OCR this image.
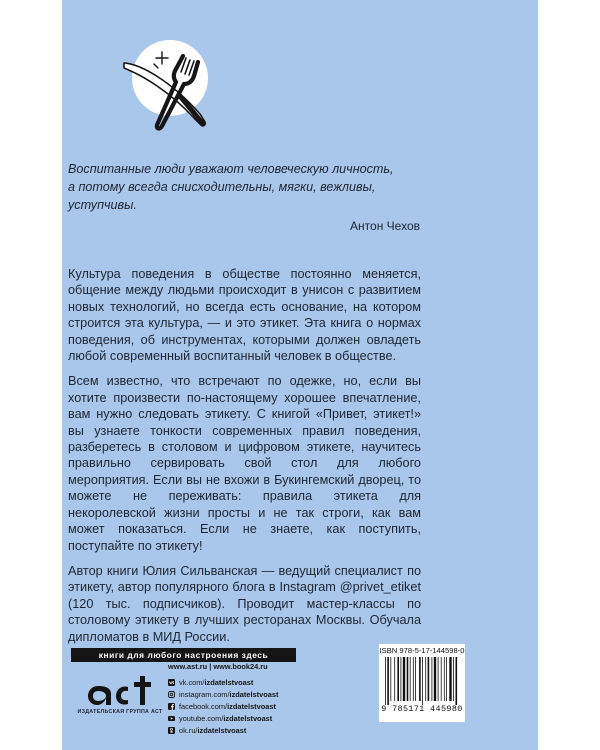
Воспитанные люди уважают человеческую личность,
а потому всегда снисходительны, мягки, вежливы,
уступчивы.
Антон Чехов

Культура поведения в обществе постоянно меняется, общение между людьми происходит в унисон с развитием новых технологий, но всегда есть основание, на котором строится эта культура, — и это этикет. Эта книга о нормах поведения, об инструментах, которыми должен овладеть любой современный воспитанный человек в обществе.

Всем известно, что встречают по одежке, но, если вы хотите произвести по-настоящему хорошее впечатление, вам нужно следовать этикету. С книгой «Привет, этикет!» вы узнаете тонкости современных правил поведения, разберетесь в столовом и цифровом этикете, научитесь правильно сервировать свой стол для любого мероприятия. Если вы не вхожи в Букингемский дворец, то можете не переживать: правила этикета для некоролевской жизни просты и не так строги, как вам может показаться. Если не знаете, как поступить, поступайте по этикету!

Автор книги Юлия Сильванская — ведущий специалист по этикету, автор популярного блога в Instagram @privet_etiket (120 тыс. подписчиков). Проводит мастер-классы по столовому этикету в лучших ресторанах Москвы. Обучала дипломатов в МИД России.

книги для любого настроения здесь
ИЗДАТЕЛЬСКАЯ ГРУППА АСТ
www.ast.ru | www.book24.ru
vk.com/ izdatelstvoast
instagram.com/ izdatelstvoast
facebook.com/ izdatelstvoast
youtube.com/ izdatelstvoast
ok.ru/ izdatelstvoast
ISBN 978-5-17-144598-0
9 785171 445980
